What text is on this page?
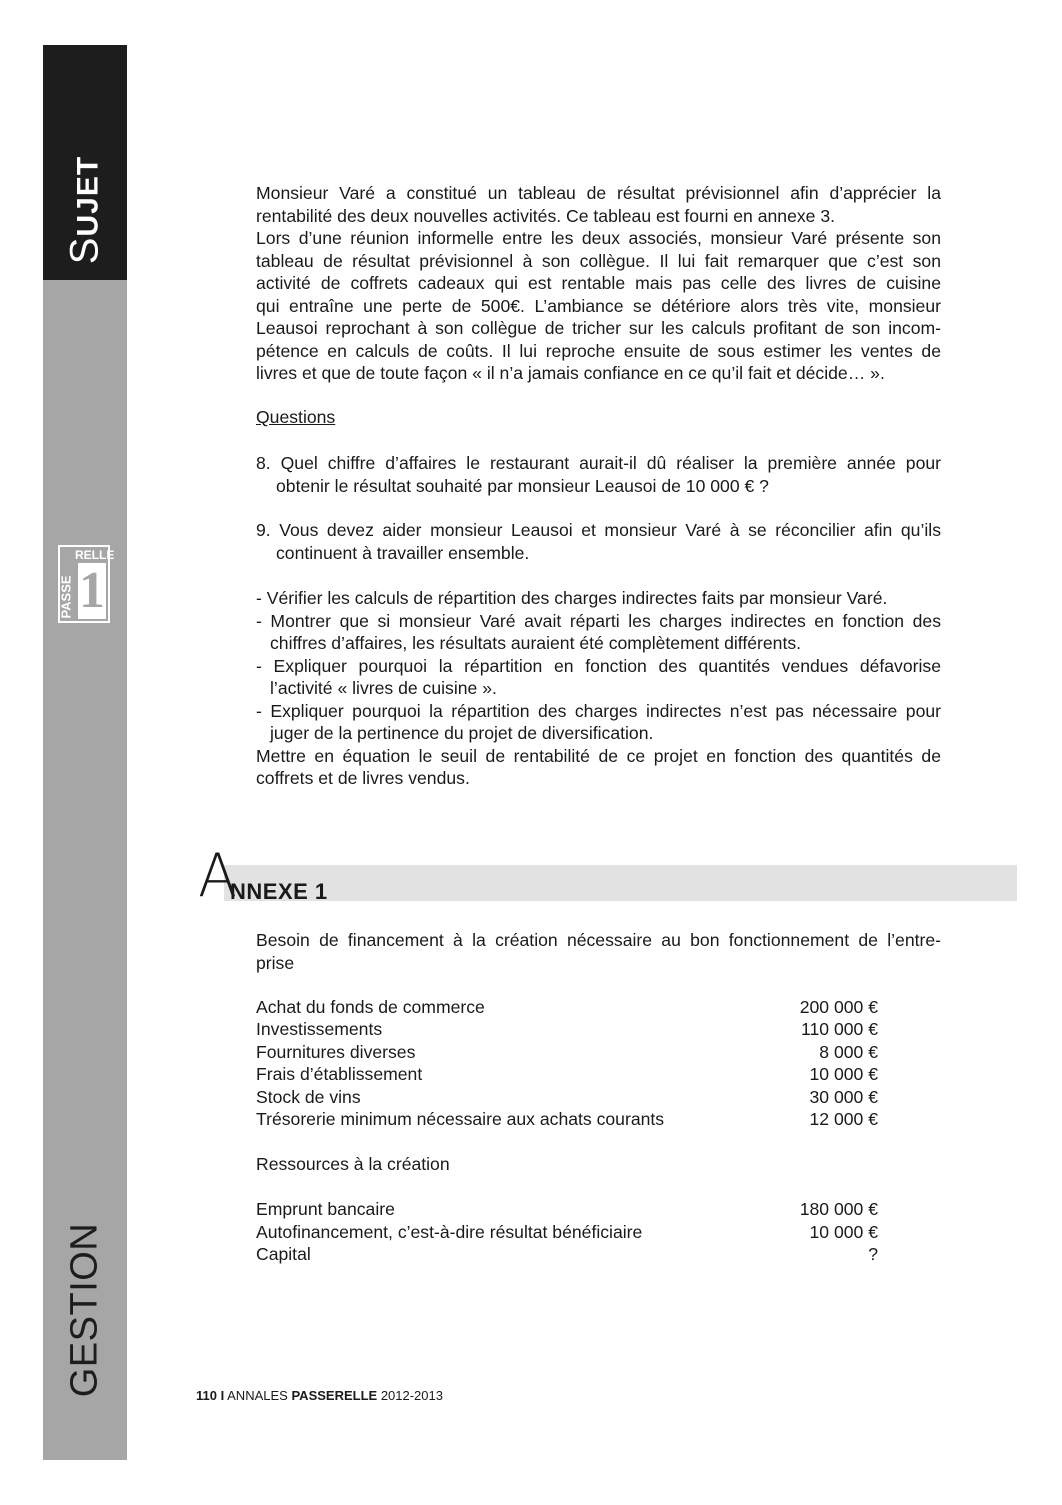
SUJET
RELLE
PASSE 1
GESTION
Monsieur Varé a constitué un tableau de résultat prévisionnel afin d’apprécier la
rentabilité des deux nouvelles activités. Ce tableau est fourni en annexe 3.
Lors d’une réunion informelle entre les deux associés, monsieur Varé présente son
tableau de résultat prévisionnel à son collègue. Il lui fait remarquer que c’est son
activité de coffrets cadeaux qui est rentable mais pas celle des livres de cuisine
qui entraîne une perte de 500€. L’ambiance se détériore alors très vite, monsieur
Leausoi reprochant à son collègue de tricher sur les calculs profitant de son incom-
pétence en calculs de coûts. Il lui reproche ensuite de sous estimer les ventes de
livres et que de toute façon « il n’a jamais confiance en ce qu’il fait et décide… ».
Questions
8. Quel chiffre d’affaires le restaurant aurait-il dû réaliser la première année pour
obtenir le résultat souhaité par monsieur Leausoi de 10 000 € ?
9. Vous devez aider monsieur Leausoi et monsieur Varé à se réconcilier afin qu’ils
continuent à travailler ensemble.
- Vérifier les calculs de répartition des charges indirectes faits par monsieur Varé.
- Montrer que si monsieur Varé avait réparti les charges indirectes en fonction des
chiffres d’affaires, les résultats auraient été complètement différents.
- Expliquer pourquoi la répartition en fonction des quantités vendues défavorise
l’activité « livres de cuisine ».
- Expliquer pourquoi la répartition des charges indirectes n’est pas nécessaire pour
juger de la pertinence du projet de diversification.
Mettre en équation le seuil de rentabilité de ce projet en fonction des quantités de
coffrets et de livres vendus.
A
NNEXE 1
Besoin de financement à la création nécessaire au bon fonctionnement de l’entre-
prise
Achat du fonds de commerce	200 000 €
Investissements	110 000 €
Fournitures diverses	8 000 €
Frais d’établissement	10 000 €
Stock de vins	30 000 €
Trésorerie minimum nécessaire aux achats courants	12 000 €
Ressources à la création
Emprunt bancaire	180 000 €
Autofinancement, c’est-à-dire résultat bénéficiaire	10 000 €
Capital	?
110 I ANNALES PASSERELLE 2012-2013
